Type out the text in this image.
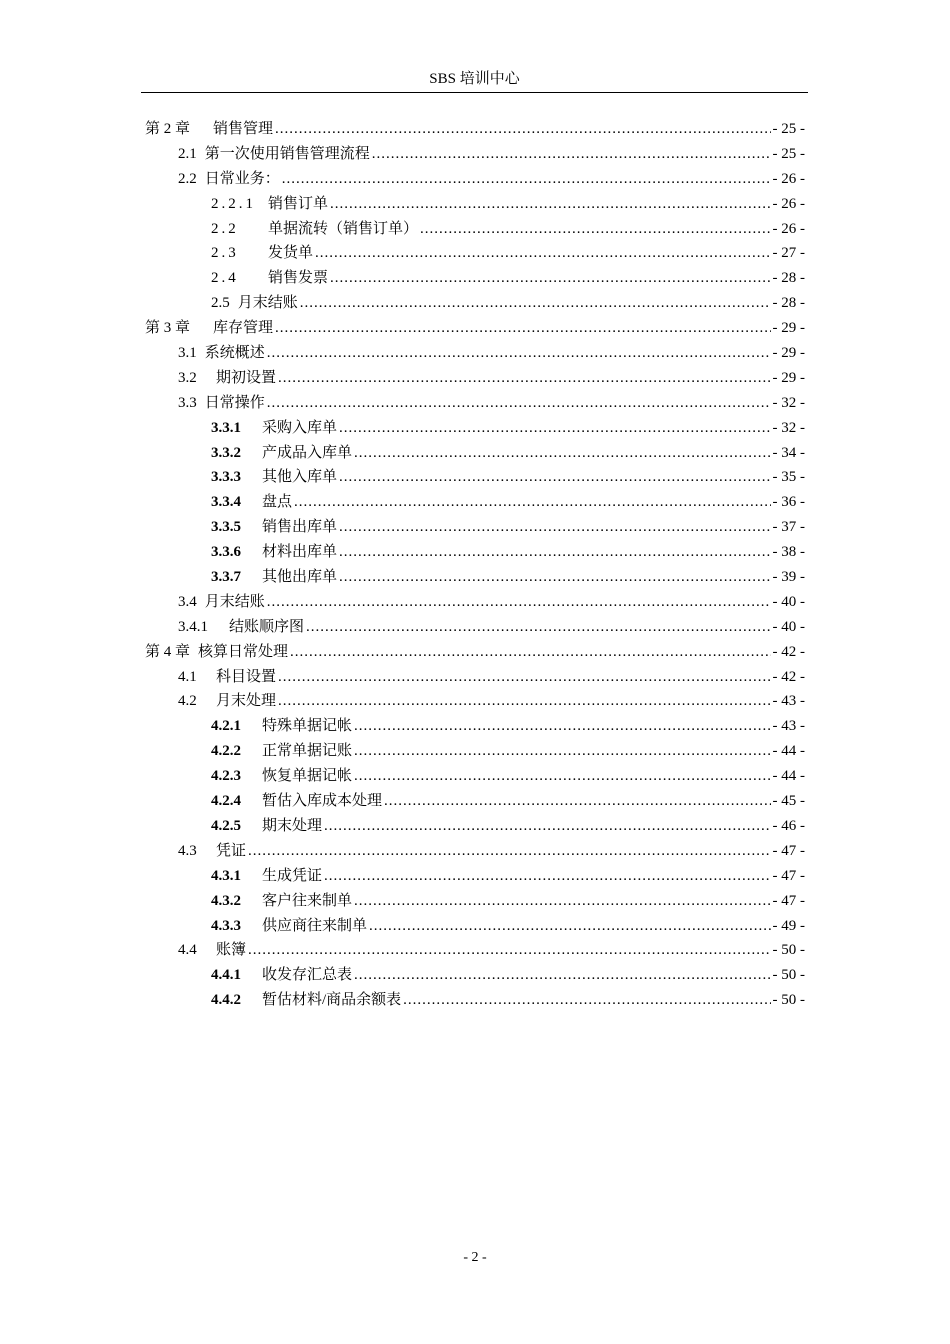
SBS 培训中心
第 2 章	销售管理 .....	- 25 -
2.1 第一次使用销售管理流程 .....	- 25 -
2.2 日常业务： .....	- 26 -
2.2.1 销售订单 .....	- 26 -
2.2	单据流转（销售订单） .....	- 26 -
2.3	发货单 .....	- 27 -
2.4	销售发票 .....	- 28 -
2.5 月末结账 .....	- 28 -
第 3 章	库存管理 .....	- 29 -
3.1 系统概述 .....	- 29 -
3.2	期初设置 .....	- 29 -
3.3 日常操作 .....	- 32 -
3.3.1	采购入库单 .....	- 32 -
3.3.2	产成品入库单 .....	- 34 -
3.3.3	其他入库单 .....	- 35 -
3.3.4	盘点 .....	- 36 -
3.3.5	销售出库单 .....	- 37 -
3.3.6	材料出库单 .....	- 38 -
3.3.7	其他出库单 .....	- 39 -
3.4 月末结账 .....	- 40 -
3.4.1	结账顺序图 .....	- 40 -
第 4 章 核算日常处理 .....	- 42 -
4.1	科目设置 .....	- 42 -
4.2	月末处理 .....	- 43 -
4.2.1	特殊单据记帐 .....	- 43 -
4.2.2	正常单据记账 .....	- 44 -
4.2.3	恢复单据记帐 .....	- 44 -
4.2.4	暂估入库成本处理 .....	- 45 -
4.2.5	期末处理 .....	- 46 -
4.3	凭证 .....	- 47 -
4.3.1	生成凭证 .....	- 47 -
4.3.2	客户往来制单 .....	- 47 -
4.3.3	供应商往来制单 .....	- 49 -
4.4	账簿 .....	- 50 -
4.4.1	收发存汇总表 .....	- 50 -
4.4.2	暂估材料/商品余额表 .....	- 50 -
- 2 -
